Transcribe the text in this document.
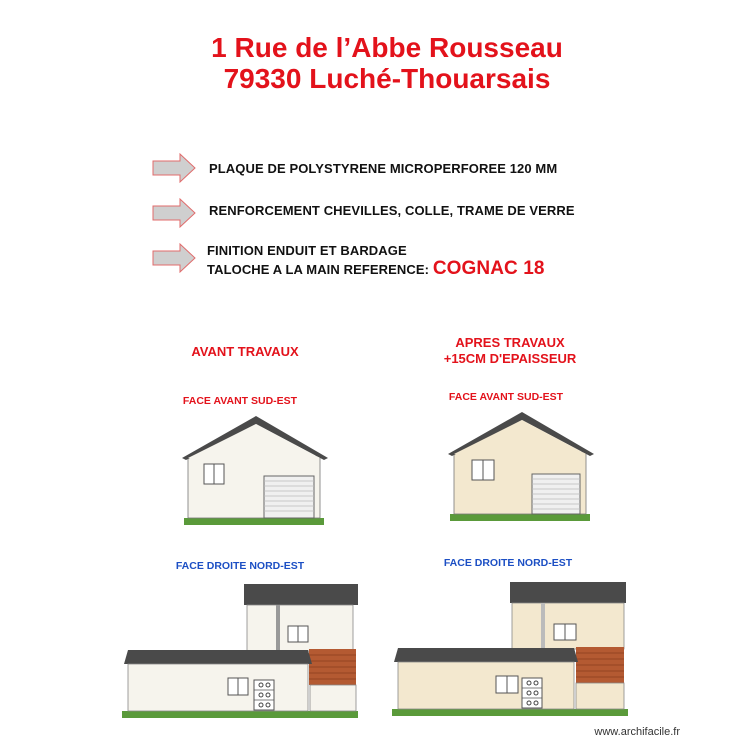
1 Rue de l’Abbe Rousseau
79330 Luché-Thouarsais
PLAQUE DE POLYSTYRENE MICROPERFOREE 120 MM
RENFORCEMENT CHEVILLES, COLLE, TRAME DE VERRE
FINITION ENDUIT ET BARDAGE
TALOCHE A LA MAIN REFERENCE: COGNAC 18
AVANT TRAVAUX
APRES TRAVAUX
+15CM D'EPAISSEUR
FACE AVANT SUD-EST	FACE AVANT SUD-EST
FACE DROITE NORD-EST	FACE DROITE NORD-EST
www.archifacile.fr
